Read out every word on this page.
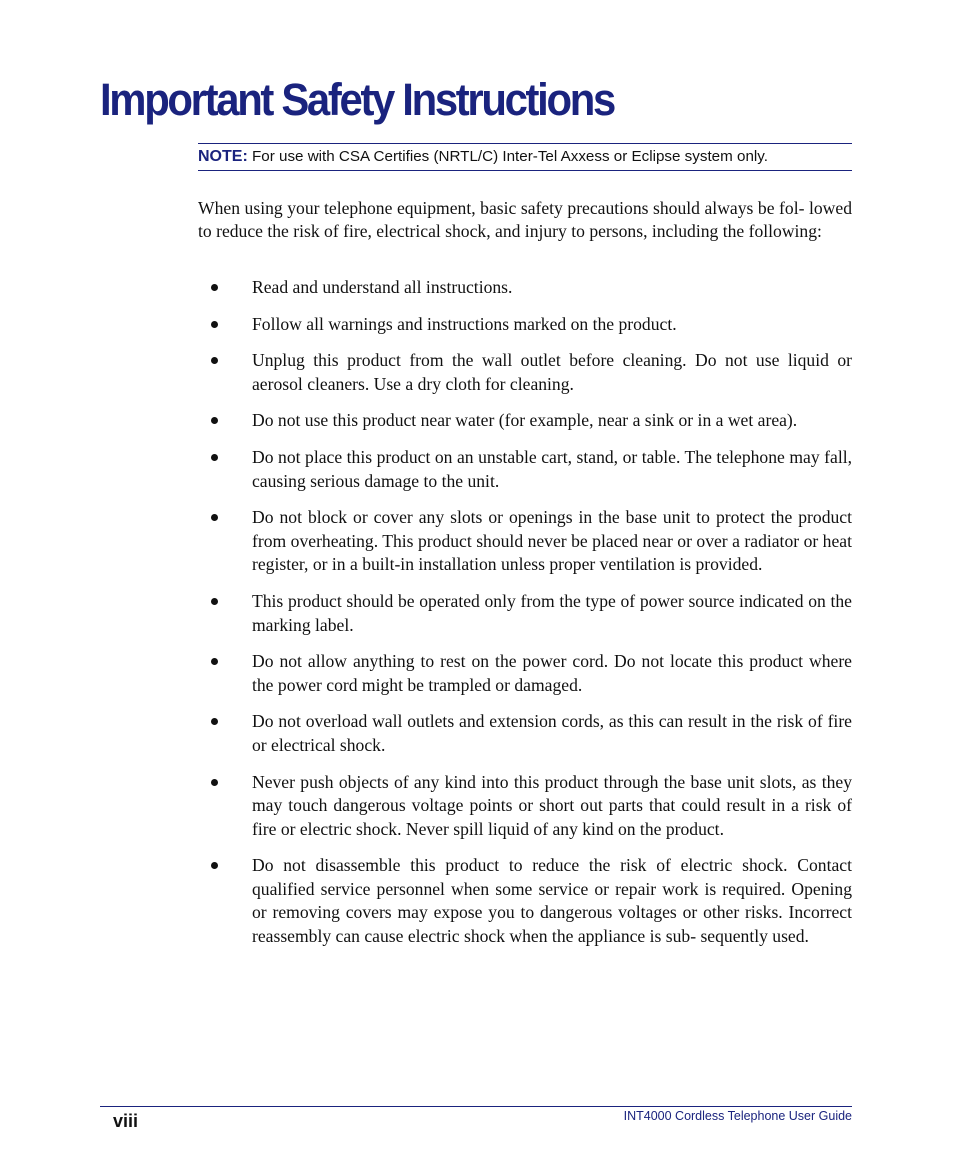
Important Safety Instructions
NOTE: For use with CSA Certifies (NRTL/C) Inter-Tel Axxess or Eclipse system only.

When using your telephone equipment, basic safety precautions should always be fol- lowed to reduce the risk of fire, electrical shock, and injury to persons, including the following:

Read and understand all instructions.
Follow all warnings and instructions marked on the product.
Unplug this product from the wall outlet before cleaning. Do not use liquid or aerosol cleaners. Use a dry cloth for cleaning.
Do not use this product near water (for example, near a sink or in a wet area).
Do not place this product on an unstable cart, stand, or table. The telephone may fall, causing serious damage to the unit.
Do not block or cover any slots or openings in the base unit to protect the product from overheating. This product should never be placed near or over a radiator or heat register, or in a built-in installation unless proper ventilation is provided.
This product should be operated only from the type of power source indicated on the marking label.
Do not allow anything to rest on the power cord. Do not locate this product where the power cord might be trampled or damaged.
Do not overload wall outlets and extension cords, as this can result in the risk of fire or electrical shock.
Never push objects of any kind into this product through the base unit slots, as they may touch dangerous voltage points or short out parts that could result in a risk of fire or electric shock. Never spill liquid of any kind on the product.
Do not disassemble this product to reduce the risk of electric shock. Contact qualified service personnel when some service or repair work is required. Opening or removing covers may expose you to dangerous voltages or other risks. Incorrect reassembly can cause electric shock when the appliance is sub- sequently used.
viii	INT4000 Cordless Telephone User Guide
